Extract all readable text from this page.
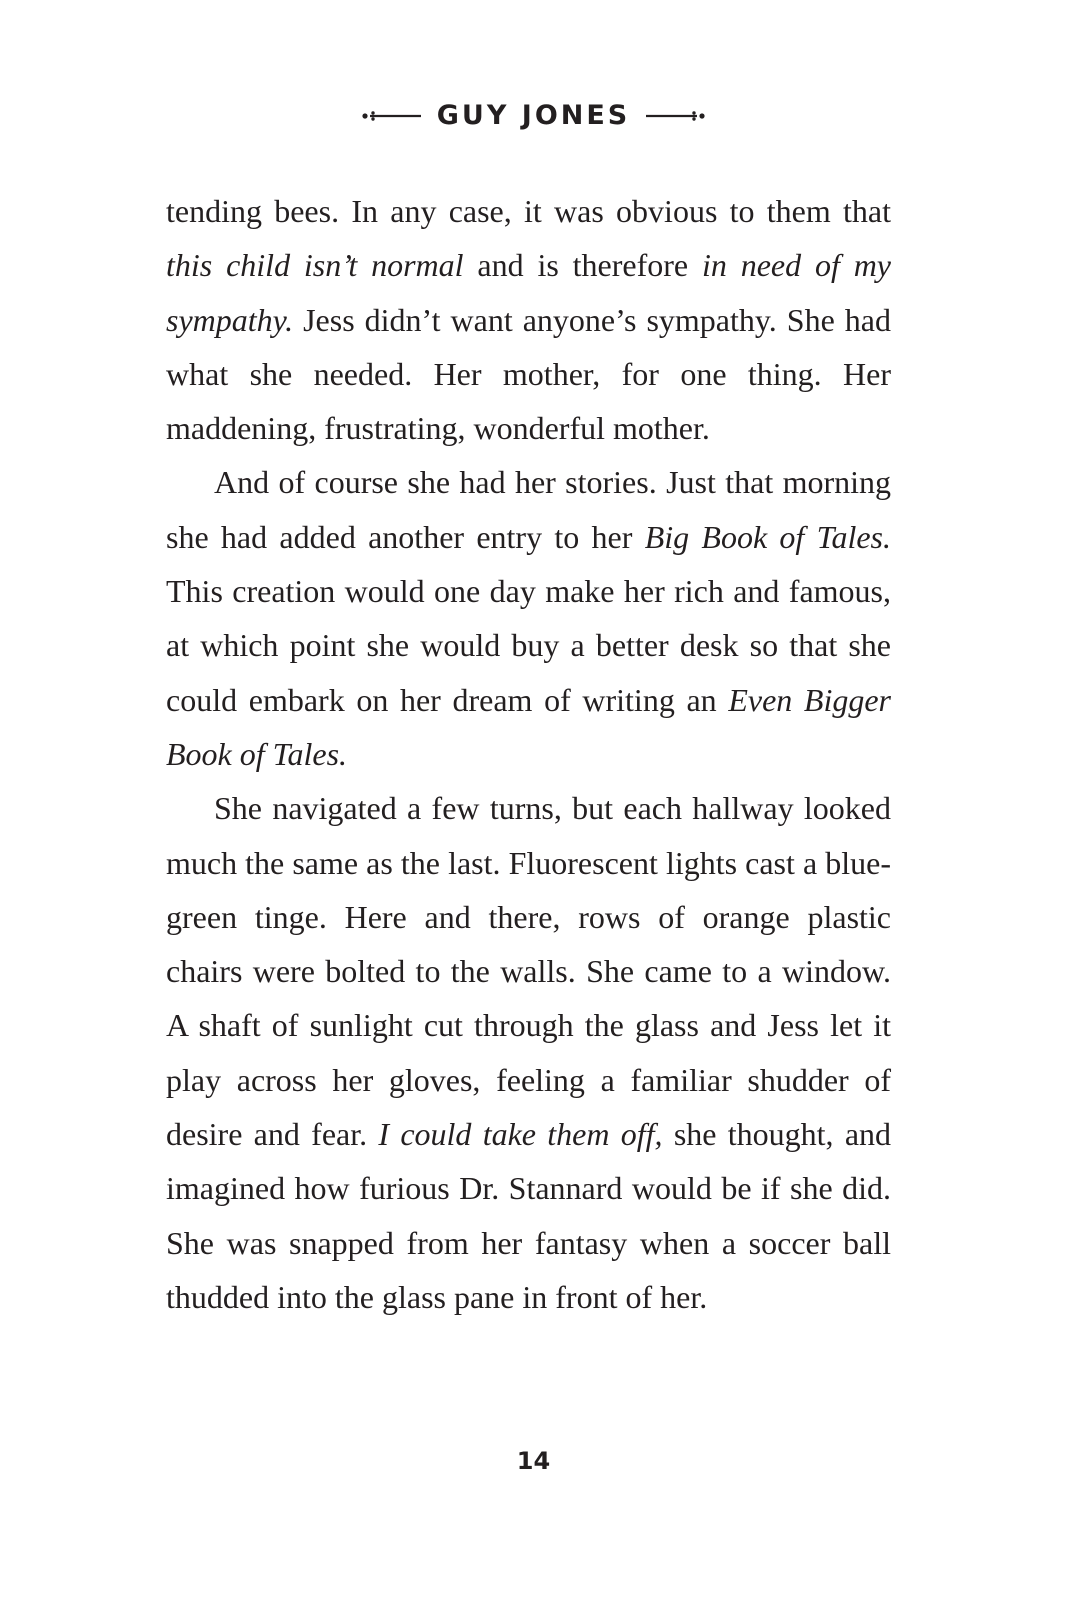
GUY JONES

tending bees. In any case, it was obvious to them that this child isn’t normal and is therefore in need of my sympathy. Jess didn’t want anyone’s sympathy. She had what she needed. Her mother, for one thing. Her maddening, frustrating, wonderful mother.

And of course she had her stories. Just that morning she had added another entry to her Big Book of Tales. This creation would one day make her rich and famous, at which point she would buy a better desk so that she could embark on her dream of writing an Even Bigger Book of Tales.

She navigated a few turns, but each hallway looked much the same as the last. Fluorescent lights cast a blue-green tinge. Here and there, rows of orange plastic chairs were bolted to the walls. She came to a window. A shaft of sunlight cut through the glass and Jess let it play across her gloves, feeling a familiar shudder of desire and fear. I could take them off, she thought, and imagined how furious Dr. Stannard would be if she did. She was snapped from her fantasy when a soccer ball thudded into the glass pane in front of her.

14
